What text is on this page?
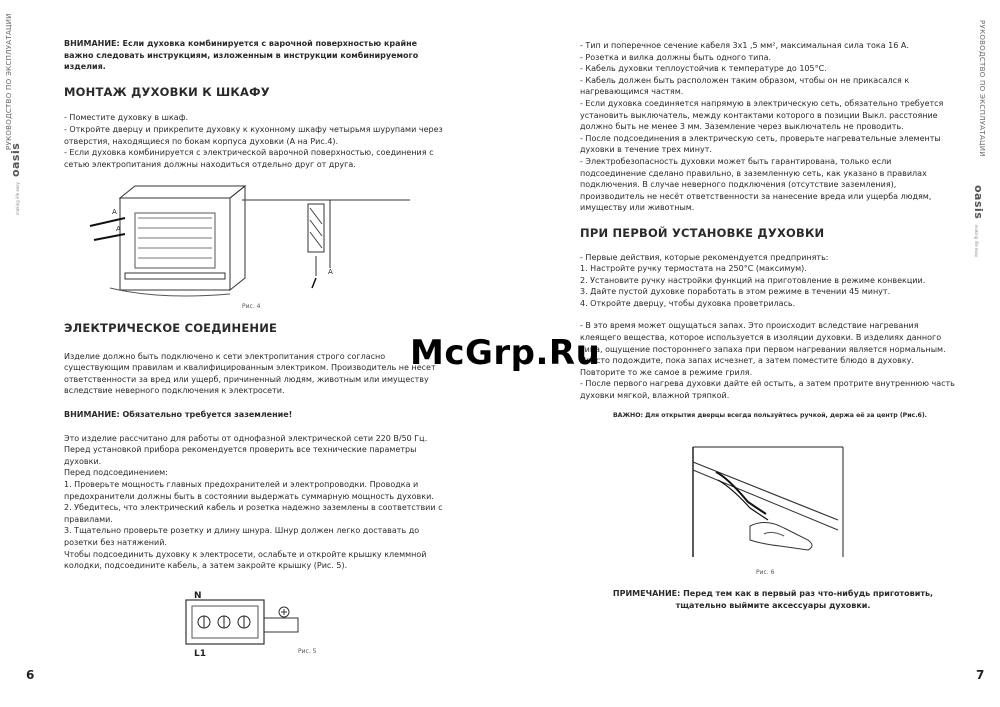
РУКОВОДСТВО ПО ЭКСПЛУАТАЦИИ
making life easy oasis

ВНИМАНИЕ: Если духовка комбинируется с варочной поверхностью крайне важно следовать инструкциям, изложенным в инструкции комбинируемого изделия.

МОНТАЖ ДУХОВКИ К ШКАФУ

- Поместите духовку в шкаф.

- Откройте дверцу и прикрепите духовку к кухонному шкафу четырьмя шурупами через отверстия, находящиеся по бокам корпуса духовки (А на Рис.4).

- Если духовка комбинируется с электрической варочной поверхностью, соединения с сетью электропитания должны находиться отдельно друг от друга.

A
A
A
Рис. 4
ЭЛЕКТРИЧЕСКОЕ СОЕДИНЕНИЕ

Изделие должно быть подключено к сети электропитания строго согласно существующим правилам и квалифицированным электриком. Производитель не несет ответственности за вред или ущерб, причиненный людям, животным или имуществу вследствие неверного подключения к электросети.

ВНИМАНИЕ: Обязательно требуется заземление!

Это изделие рассчитано для работы от однофазной электрической сети 220 В/50 Гц.

Перед установкой прибора рекомендуется проверить все технические параметры духовки.

Перед подсоединением:

1. Проверьте мощность главных предохранителей и электропроводки. Проводка и предохранители должны быть в состоянии выдержать суммарную мощность духовки.

2. Убедитесь, что электрический кабель и розетка надежно заземлены в соответствии с правилами.

3. Тщательно проверьте розетку и длину шнура. Шнур должен легко доставать до розетки без натяжений.

Чтобы подсоединить духовку к электросети, ослабьте и откройте крышку клеммной колодки, подсоедините кабель, а затем закройте крышку (Рис. 5).

N
L1	Рис. 5
6
РУКОВОДСТВО ПО ЭКСПЛУАТАЦИИ
oasis making life easy

- Тип и поперечное сечение кабеля 3х1 ,5 мм², максимальная сила тока 16 А.

- Розетка и вилка должны быть одного типа.

- Кабель духовки теплоустойчив к температуре до 105°С.

- Кабель должен быть расположен таким образом, чтобы он не прикасался к нагревающимся частям.

- Если духовка соединяется напрямую в электрическую сеть, обязательно требуется установить выключатель, между контактами которого в позиции Выкл. расстояние должно быть не менее 3 мм. Заземление через выключатель не проводить.

- После подсоединения в электрическую сеть, проверьте нагревательные элементы духовки в течение трех минут.

- Электробезопасность духовки может быть гарантирована, только если подсоединение сделано правильно, в заземленную сеть, как указано в правилах подключения. В случае неверного подключения (отсутствие заземления), производитель не несёт ответственности за нанесение вреда или ущерба людям, имуществу или животным.

ПРИ ПЕРВОЙ УСТАНОВКЕ ДУХОВКИ

- Первые действия, которые рекомендуется предпринять:

1. Настройте ручку термостата на 250°С (максимум).

2. Установите ручку настройки функций на приготовление в режиме конвекции.

3. Дайте пустой духовке поработать в этом режиме в течении 45 минут.

4. Откройте дверцу, чтобы духовка проветрилась.

- В это время может ощущаться запах. Это происходит вследствие нагревания клеящего вещества, которое используется в изоляции духовки. В изделиях данного типа, ощущение постороннего запаха при первом нагревании является нормальным. Просто подождите, пока запах исчезнет, а затем поместите блюдо в духовку. Повторите то же самое в режиме гриля.

- После первого нагрева духовки дайте ей остыть, а затем протрите внутреннюю часть духовки мягкой, влажной тряпкой.

ВАЖНО: Для открытия дверцы всегда пользуйтесь ручкой, держа её за центр (Рис.6).
Рис. 6
ПРИМЕЧАНИЕ: Перед тем как в первый раз что-нибудь приготовить, тщательно выймите аксессуары духовки.
7
McGrp.Ru
